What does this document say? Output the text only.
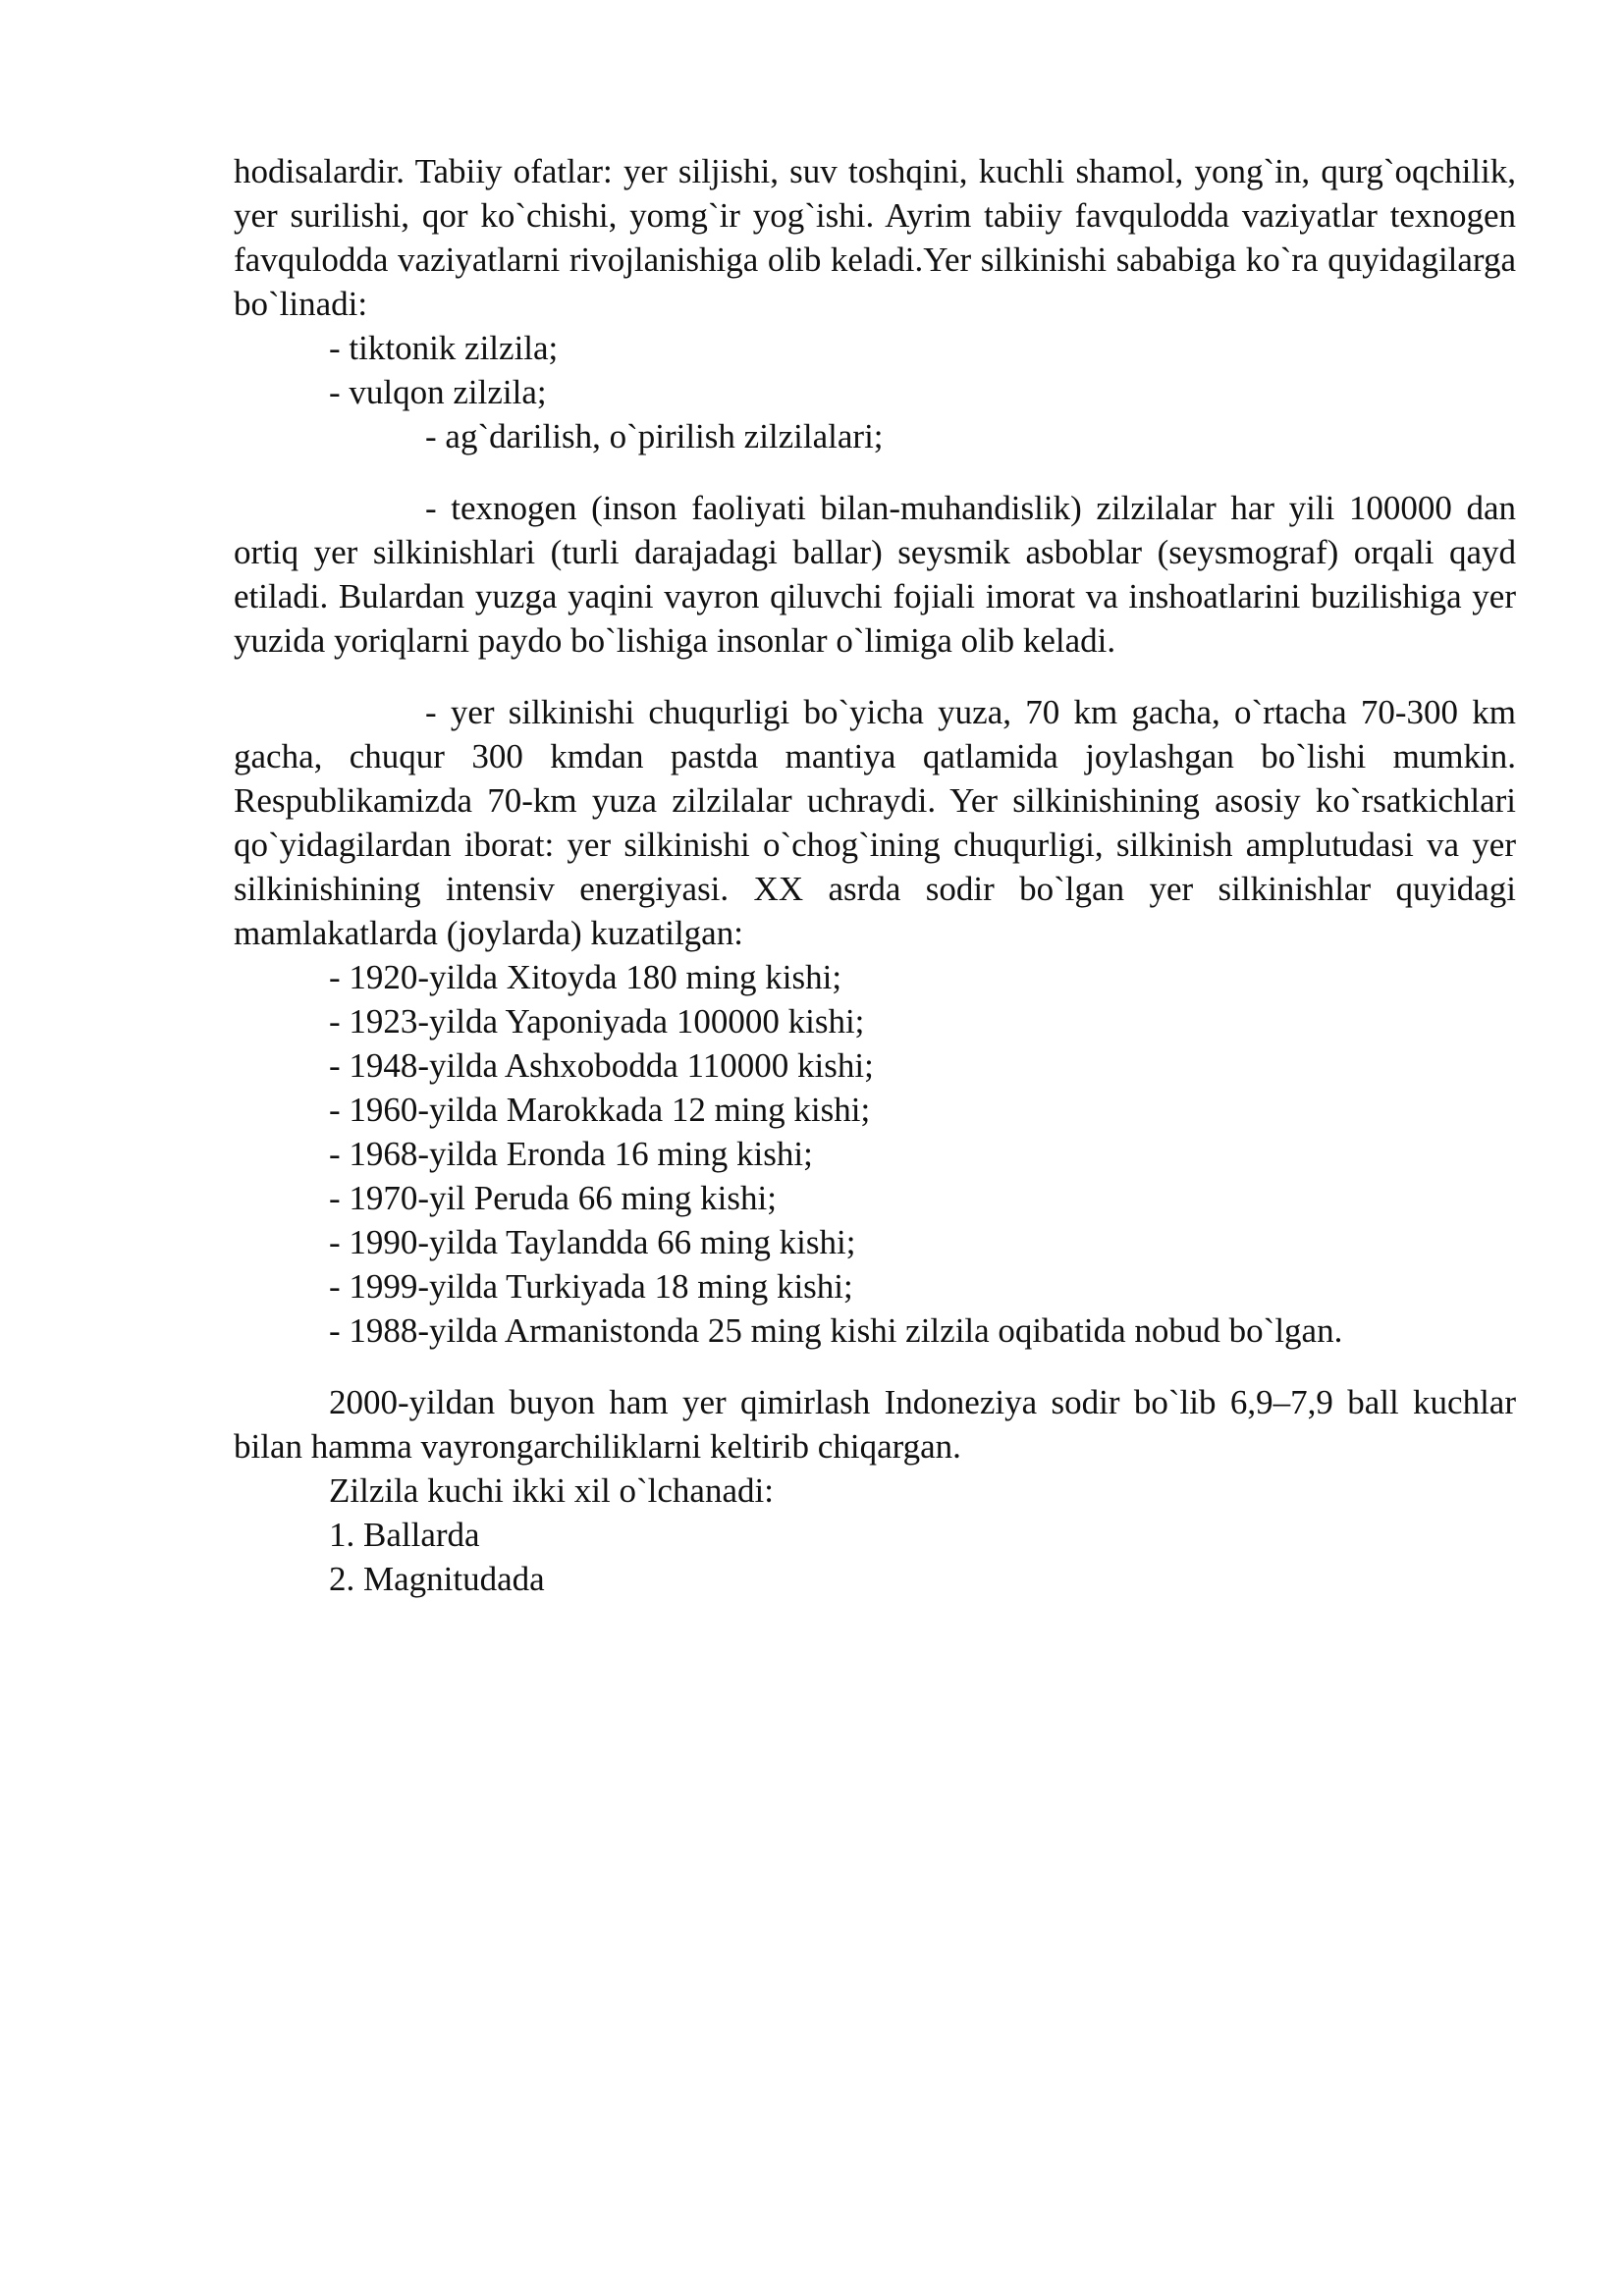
hodisalardir. Tabiiy ofatlar: yer siljishi, suv toshqini, kuchli shamol, yong`in, qurg`oqchilik, yer surilishi, qor ko`chishi, yomg`ir yog`ishi. Ayrim tabiiy favqulodda vaziyatlar texnogen favqulodda vaziyatlarni rivojlanishiga olib keladi.Yer silkinishi sababiga ko`ra quyidagilarga bo`linadi:

- tiktonik zilzila;

- vulqon zilzila;

- ag`darilish, o`pirilish zilzilalari;

- texnogen (inson faoliyati bilan-muhandislik) zilzilalar har yili 100000 dan ortiq yer silkinishlari (turli darajadagi ballar) seysmik asboblar (seysmograf) orqali qayd etiladi. Bulardan yuzga yaqini vayron qiluvchi fojiali imorat va inshoatlarini buzilishiga yer yuzida yoriqlarni paydo bo`lishiga insonlar o`limiga olib keladi.

- yer silkinishi chuqurligi bo`yicha yuza, 70 km gacha, o`rtacha 70-300 km gacha, chuqur 300 kmdan pastda mantiya qatlamida joylashgan bo`lishi mumkin. Respublikamizda 70-km yuza zilzilalar uchraydi. Yer silkinishining asosiy ko`rsatkichlari qo`yidagilardan iborat: yer silkinishi o`chog`ining chuqurligi, silkinish amplutudasi va yer silkinishining intensiv energiyasi. XX asrda sodir bo`lgan yer silkinishlar quyidagi mamlakatlarda (joylarda) kuzatilgan:

- 1920-yilda Xitoyda 180 ming kishi;

- 1923-yilda Yaponiyada 100000 kishi;

- 1948-yilda Ashxobodda 110000 kishi;

- 1960-yilda Marokkada 12 ming kishi;

- 1968-yilda Eronda 16 ming kishi;

- 1970-yil Peruda 66 ming kishi;

- 1990-yilda Taylandda 66 ming kishi;

- 1999-yilda Turkiyada 18 ming kishi;

- 1988-yilda Armanistonda 25 ming kishi zilzila oqibatida nobud bo`lgan.

2000-yildan buyon ham yer qimirlash Indoneziya sodir bo`lib 6,9–7,9 ball kuchlar bilan hamma vayrongarchiliklarni keltirib chiqargan.

Zilzila kuchi ikki xil o`lchanadi:

1. Ballarda

2. Magnitudada
